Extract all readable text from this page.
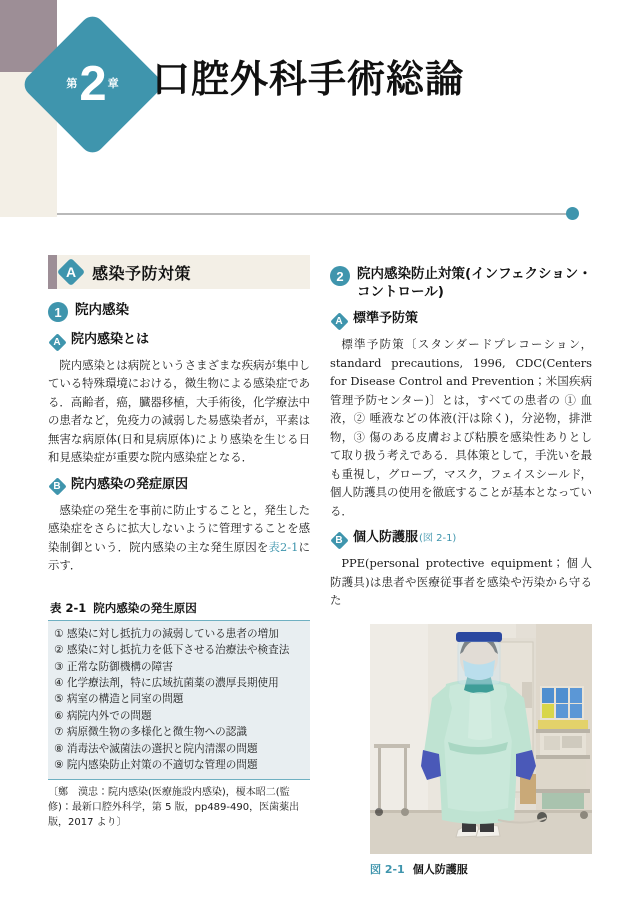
第 2 章 口腔外科手術総論
A 感染予防対策
1 院内感染
A 院内感染とは

院内感染とは病院というさまざまな疾病が集中している特殊環境における，微生物による感染症である．高齢者，癌，臓器移植，大手術後，化学療法中の患者など，免疫力の減弱した易感染者が，平素は無害な病原体(日和見病原体)により感染を生じる日和見感染症が重要な院内感染症となる．

B 院内感染の発症原因

感染症の発生を事前に防止することと，発生した感染症をさらに拡大しないように管理することを感染制御という．院内感染の主な発生原因を表2-1に示す．

表 2-1 院内感染の発生原因
① 感染に対し抵抗力の減弱している患者の増加
② 感染に対し抵抗力を低下させる治療法や検査法
③ 正常な防御機構の障害
④ 化学療法剤，特に広域抗菌薬の濃厚長期使用
⑤ 病室の構造と同室の問題
⑥ 病院内外での問題
⑦ 病原微生物の多様化と微生物への認識
⑧ 消毒法や滅菌法の選択と院内清潔の問題
⑨ 院内感染防止対策の不適切な管理の問題
〔鄭　漢忠：院内感染(医療施設内感染)，榎本昭二(監修)：最新口腔外科学，第 5 版，pp489-490，医歯薬出版，2017 より〕
2 院内感染防止対策(インフェクション・コントロール)
A 標準予防策

標準予防策〔スタンダードプレコーション，standard precautions, 1996, CDC(Centers for Disease Control and Prevention；米国疾病管理予防センター)〕とは，すべての患者の ① 血液，② 唾液などの体液(汗は除く)，分泌物，排泄物，③ 傷のある皮膚および粘膜を感染性ありとして取り扱う考えである．具体策として，手洗いを最も重視し，グローブ，マスク，フェイスシールド，個人防護具の使用を徹底することが基本となっている．

B 個人防護服(図 2-1)

PPE(personal protective equipment；個人防護具)は患者や医療従事者を感染や汚染から守るた

図 2-1 個人防護服
